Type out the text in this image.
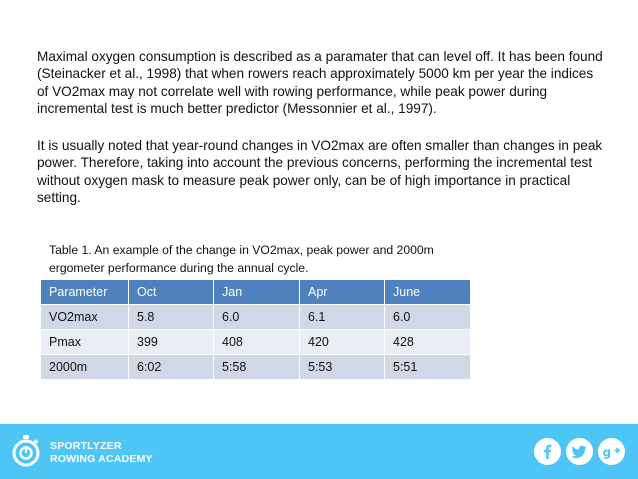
Maximal oxygen consumption is described as a paramater that can level off. It has been found (Steinacker et al., 1998) that when rowers reach approximately 5000 km per year the indices of VO2max may not correlate well with rowing performance, while peak power during incremental test is much better predictor (Messonnier et al., 1997).

It is usually noted that year-round changes in VO2max are often smaller than changes in peak power. Therefore, taking into account the previous concerns, performing the incremental test without oxygen mask to measure peak power only, can be of high importance in practical setting.

Table 1. An example of the change in VO2max, peak power and 2000m ergometer performance during the annual cycle.
Parameter	Oct	Jan	Apr	June
VO2max	5.8	6.0	6.1	6.0
Pmax	399	408	420	428
2000m	6:02	5:58	5:53	5:51
SPORTLYZER
ROWING ACADEMY	g
